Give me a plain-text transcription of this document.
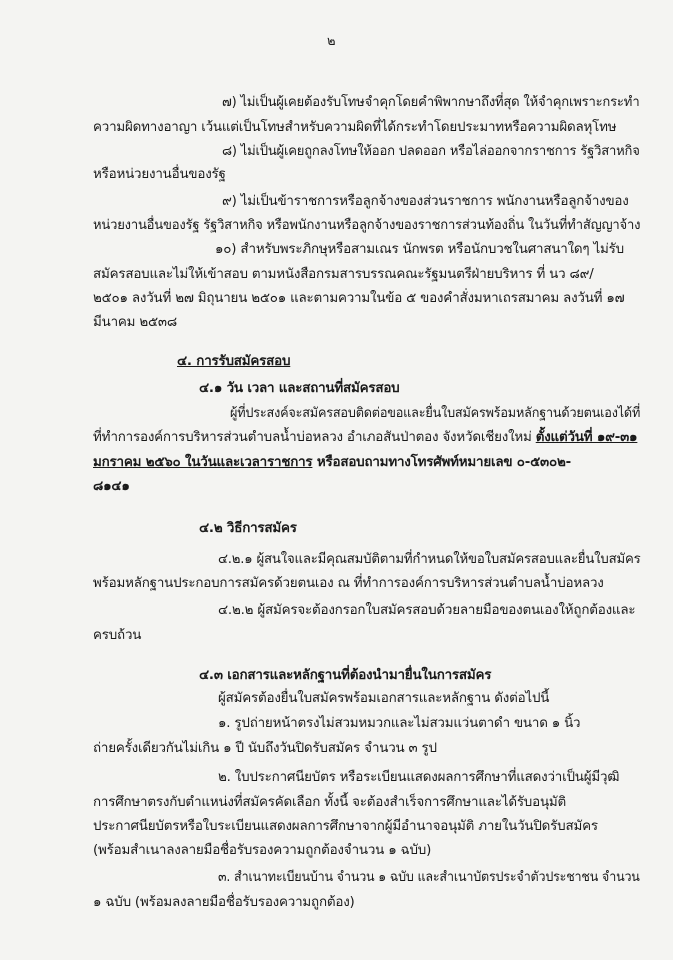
๒
๗) ไม่เป็นผู้เคยต้องรับโทษจำคุกโดยคำพิพากษาถึงที่สุด ให้จำคุกเพราะกระทำ
ความผิดทางอาญา เว้นแต่เป็นโทษสำหรับความผิดที่ได้กระทำโดยประมาทหรือความผิดลหุโทษ
๘) ไม่เป็นผู้เคยถูกลงโทษให้ออก ปลดออก หรือไล่ออกจากราชการ รัฐวิสาหกิจ
หรือหน่วยงานอื่นของรัฐ
๙) ไม่เป็นข้าราชการหรือลูกจ้างของส่วนราชการ พนักงานหรือลูกจ้างของ
หน่วยงานอื่นของรัฐ รัฐวิสาหกิจ หรือพนักงานหรือลูกจ้างของราชการส่วนท้องถิ่น ในวันที่ทำสัญญาจ้าง
๑๐) สำหรับพระภิกษุหรือสามเณร นักพรต หรือนักบวชในศาสนาใดๆ ไม่รับ
สมัครสอบและไม่ให้เข้าสอบ ตามหนังสือกรมสารบรรณคณะรัฐมนตรีฝ่ายบริหาร ที่ นว ๘๙/
๒๕๐๑ ลงวันที่ ๒๗ มิถุนายน ๒๕๐๑ และตามความในข้อ ๕ ของคำสั่งมหาเถรสมาคม ลงวันที่ ๑๗
มีนาคม ๒๕๓๘
๔. การรับสมัครสอบ
๔.๑ วัน เวลา และสถานที่สมัครสอบ
ผู้ที่ประสงค์จะสมัครสอบติดต่อขอและยื่นใบสมัครพร้อมหลักฐานด้วยตนเองได้ที่
ที่ทำการองค์การบริหารส่วนตำบลน้ำบ่อหลวง อำเภอสันป่าตอง จังหวัดเชียงใหม่ ตั้งแต่วันที่ ๑๙-๓๑
มกราคม ๒๕๖๐ ในวันและเวลาราชการ หรือสอบถามทางโทรศัพท์หมายเลข ๐-๕๓๐๒-
๘๑๔๑
๔.๒ วิธีการสมัคร
๔.๒.๑ ผู้สนใจและมีคุณสมบัติตามที่กำหนดให้ขอใบสมัครสอบและยื่นใบสมัคร
พร้อมหลักฐานประกอบการสมัครด้วยตนเอง ณ ที่ทำการองค์การบริหารส่วนตำบลน้ำบ่อหลวง
๔.๒.๒ ผู้สมัครจะต้องกรอกใบสมัครสอบด้วยลายมือของตนเองให้ถูกต้องและ
ครบถ้วน
๔.๓ เอกสารและหลักฐานที่ต้องนำมายื่นในการสมัคร
ผู้สมัครต้องยื่นใบสมัครพร้อมเอกสารและหลักฐาน ดังต่อไปนี้
๑. รูปถ่ายหน้าตรงไม่สวมหมวกและไม่สวมแว่นตาดำ ขนาด ๑ นิ้ว
ถ่ายครั้งเดียวกันไม่เกิน ๑ ปี นับถึงวันปิดรับสมัคร จำนวน ๓ รูป
๒. ใบประกาศนียบัตร หรือระเบียนแสดงผลการศึกษาที่แสดงว่าเป็นผู้มีวุฒิ
การศึกษาตรงกับตำแหน่งที่สมัครคัดเลือก ทั้งนี้ จะต้องสำเร็จการศึกษาและได้รับอนุมัติ
ประกาศนียบัตรหรือใบระเบียนแสดงผลการศึกษาจากผู้มีอำนาจอนุมัติ ภายในวันปิดรับสมัคร
(พร้อมสำเนาลงลายมือชื่อรับรองความถูกต้องจำนวน ๑ ฉบับ)
๓. สำเนาทะเบียนบ้าน จำนวน ๑ ฉบับ และสำเนาบัตรประจำตัวประชาชน จำนวน
๑ ฉบับ (พร้อมลงลายมือชื่อรับรองความถูกต้อง)
